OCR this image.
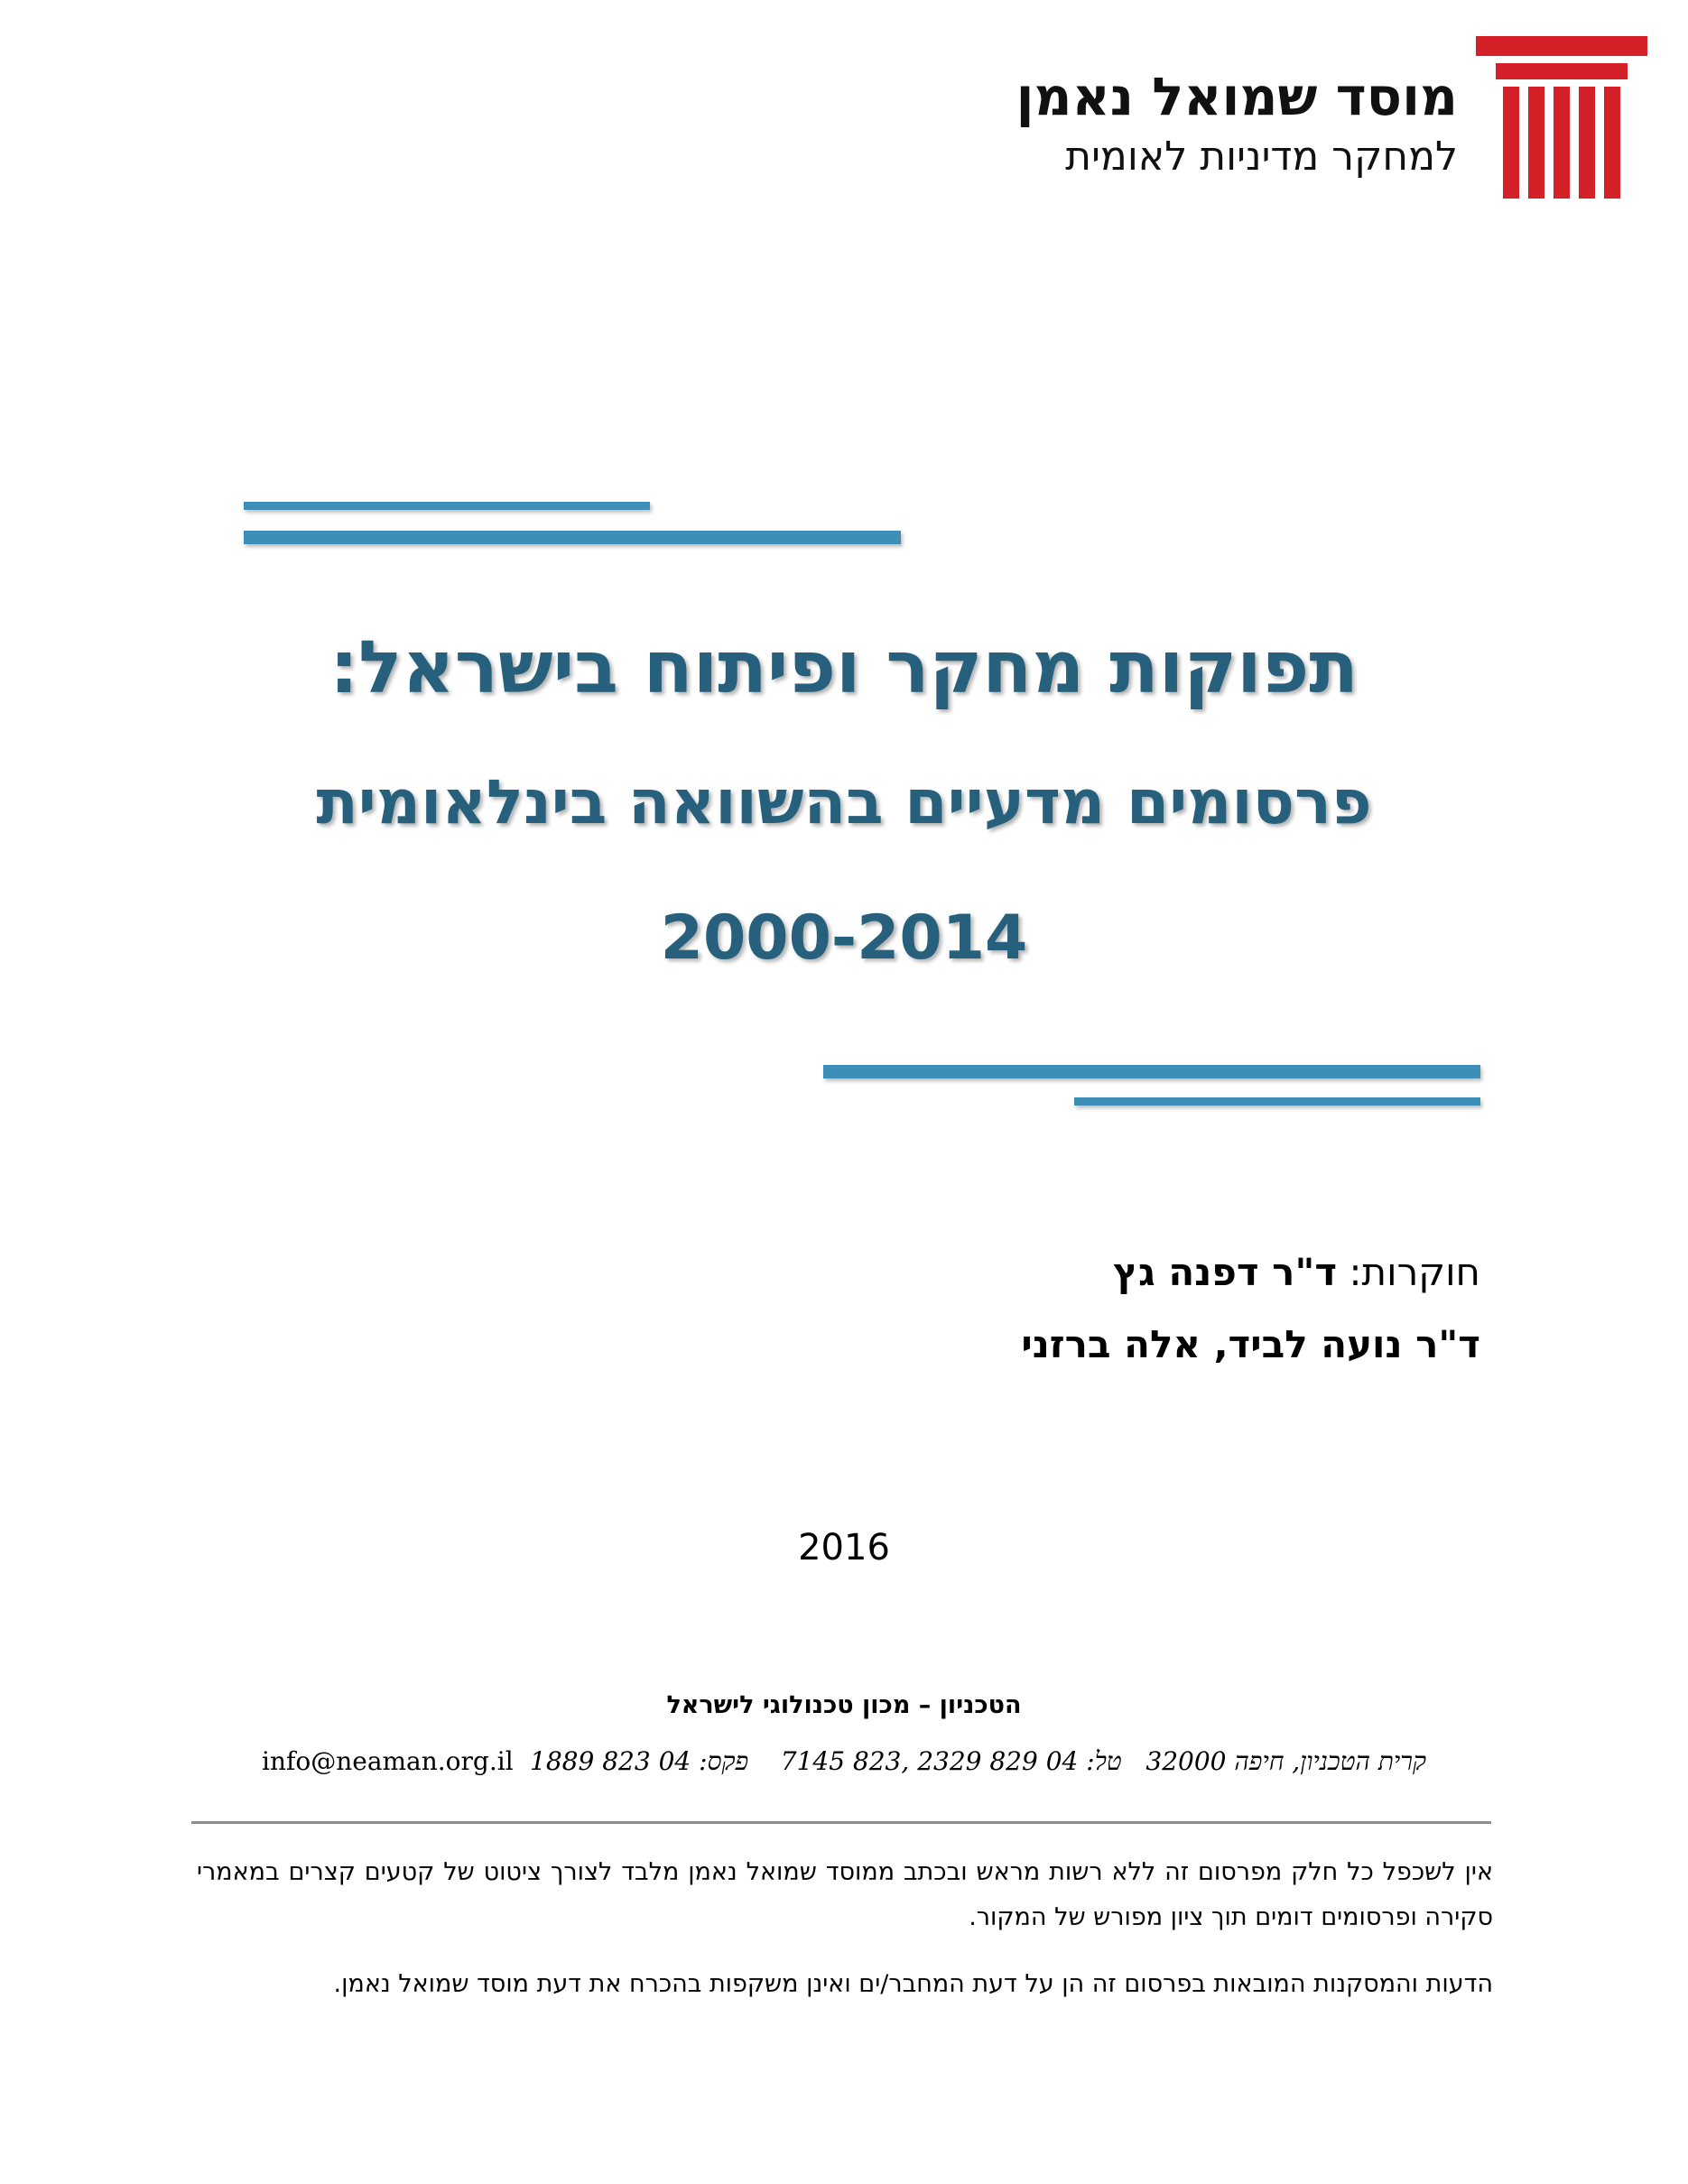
מוסד שמואל נאמן
למחקר מדיניות לאומית
תפוקות מחקר ופיתוח בישראל:
פרסומים מדעיים בהשוואה בינלאומית
2000-2014
חוקרות: ד"ר דפנה גץ
ד"ר נועה לביד, אלה ברזני
2016
הטכניון – מכון טכנולוגי לישראל
קרית הטכניון, חיפה 32000   טל: 04 829 2329 ,823 7145    פקס: 04 823 1889
info@neaman.org.il

אין לשכפל כל חלק מפרסום זה ללא רשות מראש ובכתב ממוסד שמואל נאמן מלבד לצורך ציטוט של קטעים קצרים במאמרי סקירה ופרסומים דומים תוך ציון מפורש של המקור.

הדעות והמסקנות המובאות בפרסום זה הן על דעת המחבר/ים ואינן משקפות בהכרח את דעת מוסד שמואל נאמן.
